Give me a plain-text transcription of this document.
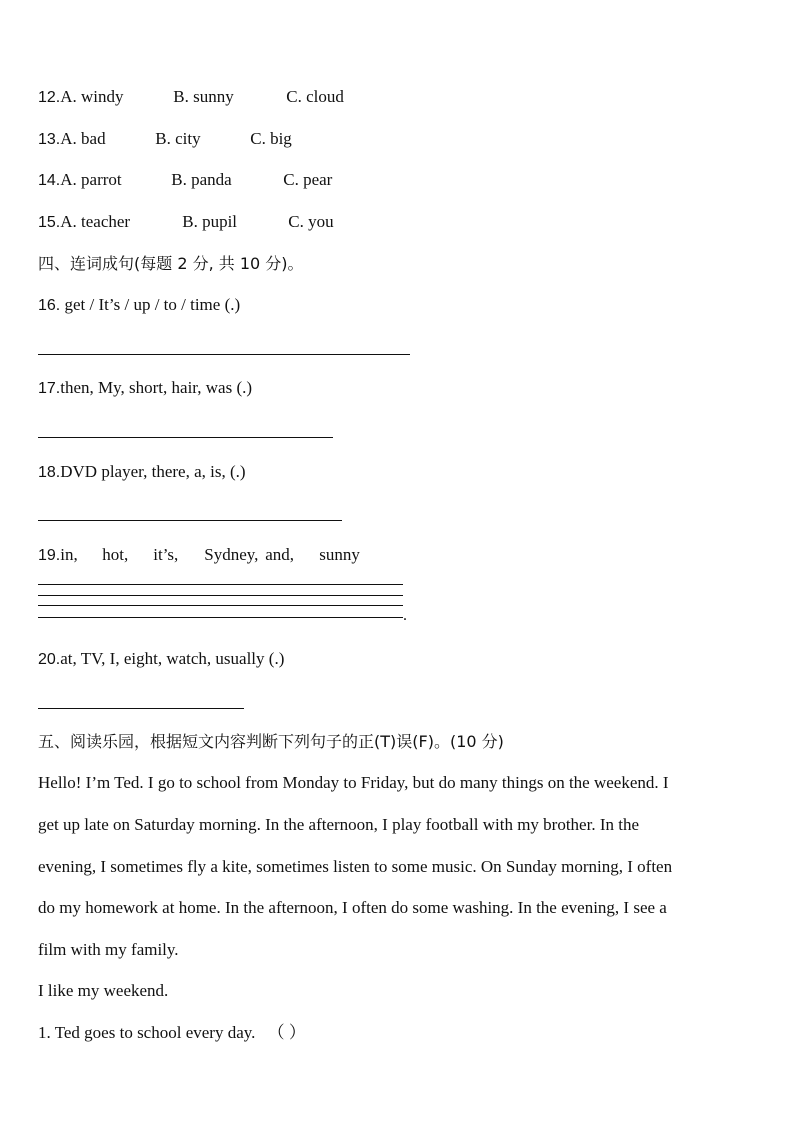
12.A. windy	B. sunny	C. cloud
13.A. bad	B. city	C. big
14.A. parrot	B. panda	C. pear
15.A. teacher	B. pupil	C. you
四、连词成句(每题 2 分, 共 10 分)。
16. get / It’s / up / to / time (.)
17.then, My, short, hair, was (.)
18.DVD player, there, a, is, (.)
19.in, hot, it’s, Sydney, and, sunny
.
20.at, TV, I, eight, watch, usually (.)
五、阅读乐园，根据短文内容判断下列句子的正(T)误(F)。(10 分)
Hello! I’m Ted. I go to school from Monday to Friday, but do many things on the weekend. I
get up late on Saturday morning. In the afternoon, I play football with my brother. In the
evening, I sometimes fly a kite, sometimes listen to some music. On Sunday morning, I often
do my homework at home. In the afternoon, I often do some washing. In the evening, I see a
film with my family.
I like my weekend.
1. Ted goes to school every day. （ ）
